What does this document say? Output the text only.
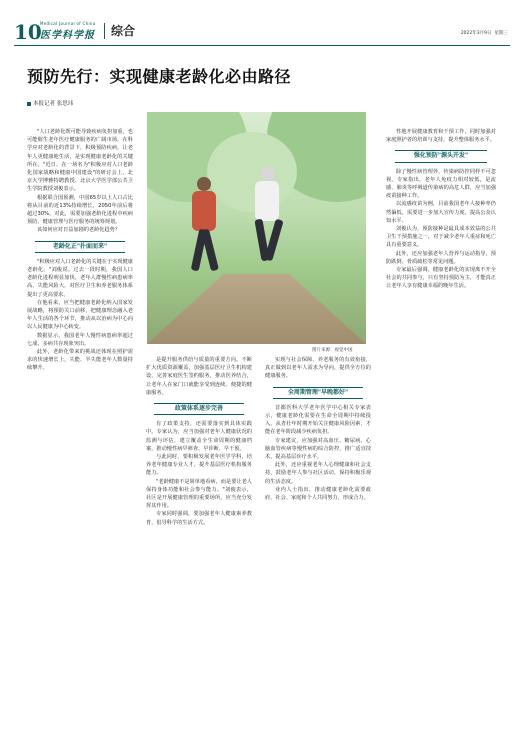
10
Medical Journal of China
医学科学报 综合	2022年3月9日 星期三
预防先行：实现健康老龄化必由路径
本报记者 张思玮
图片来源：视觉中国

"人口老龄化既可能导致疾病负担加重，也可能催生老年医疗健康服务的广阔市场。在科学应对老龄化的背景下，积极预防疾病，让老年人更健康地生活，是实现健康老龄化的关键所在。"近日，在一场名为"积极应对人口老龄化国家战略和健康中国建设"的研讨会上，北京大学博雅特聘教授、北京大学医学部公共卫生学院教授刘俊表示。

根据联合国预测，中国65岁以上人口占比将从目前的近13%持续增长，2050年前后将超过30%。对此，需要加强老龄化进程中疾病预防、健康管理与医疗服务的统筹规划。

该如何应对日益加剧的老龄化趋势？

老龄化正"扑面而来"

"积极应对人口老龄化的关键在于实现健康老龄化。"刘俊说。过去一段时期，我国人口老龄化进程明显加快，老年人群慢性病患病率高、失能风险大，对医疗卫生和养老服务体系提出了更高要求。

在他看来，应当把健康老龄化纳入国家发展战略，将预防关口前移，把健康理念融入老年人生活的各个环节，推动从以治病为中心向以人民健康为中心转变。

数据显示，我国老年人慢性病患病率超过七成，多病共存现象突出。

此外，老龄化带来的挑战还体现在照护需求的快速增长上，失能、半失能老年人数量持续攀升。

是提升服务供给与质量的重要方向。不断扩大优质资源覆盖，加强基层医疗卫生机构建设，完善家庭医生签约服务，推动医养结合，让老年人在家门口就能享受到连续、便捷的健康服务。

政策体系逐步完善

有了政策支持，还需要落实到具体实践中。专家认为，应当加强对老年人健康状况的监测与评估，建立覆盖全生命周期的健康档案，推动慢性病早筛查、早诊断、早干预。

与此同时，要积极发展老年医学学科，培养老年健康专业人才，提升基层医疗机构服务能力。

"老龄健康不是简单地看病，而是要让老人保持身体功能和社会参与能力。"刘俊表示，社区是开展健康管理的重要场所，应当充分发挥其作用。

专家同时强调，要加强老年人健康素养教育，倡导科学的生活方式。

实现与社会保障、养老服务的有效衔接，真正做到以老年人需求为导向，提供全方位的健康服务。

全周期管理"早晚都好"

首都医科大学老年医学中心相关专家表示，健康老龄化需要在生命全周期中持续投入，从青壮年时期开始关注健康风险因素，才能在老年阶段减少疾病负担。

专家建议，应加强对高血压、糖尿病、心脑血管疾病等慢性病的综合防控，推广适宜技术，提高基层诊疗水平。

此外，还应重视老年人心理健康和社会支持，鼓励老年人参与社区活动，保持积极乐观的生活态度。

业内人士指出，推动健康老龄化需要政府、社会、家庭和个人共同努力，形成合力。

性地开展健康教育和干预工作，同时加强对家庭照护者的培训与支持，提升整体服务水平。

强化预防"源头开发"

除了慢性病管理外，传染病防控同样不可忽视。专家指出，老年人免疫力相对较低，是流感、肺炎等呼吸道传染病的高危人群，应当加强疫苗接种工作。

以流感疫苗为例，目前我国老年人接种率仍然偏低，需要进一步加大宣传力度，提高公众认知水平。

刘俊认为，预防接种是最具成本效益的公共卫生干预措施之一，对于减少老年人重症和死亡具有重要意义。

此外，还应加强老年人营养与运动指导，预防跌倒、骨质疏松等常见问题。

专家最后强调，健康老龄化的实现离不开全社会的共同参与，只有坚持预防为主，才能真正让老年人享有健康幸福的晚年生活。
